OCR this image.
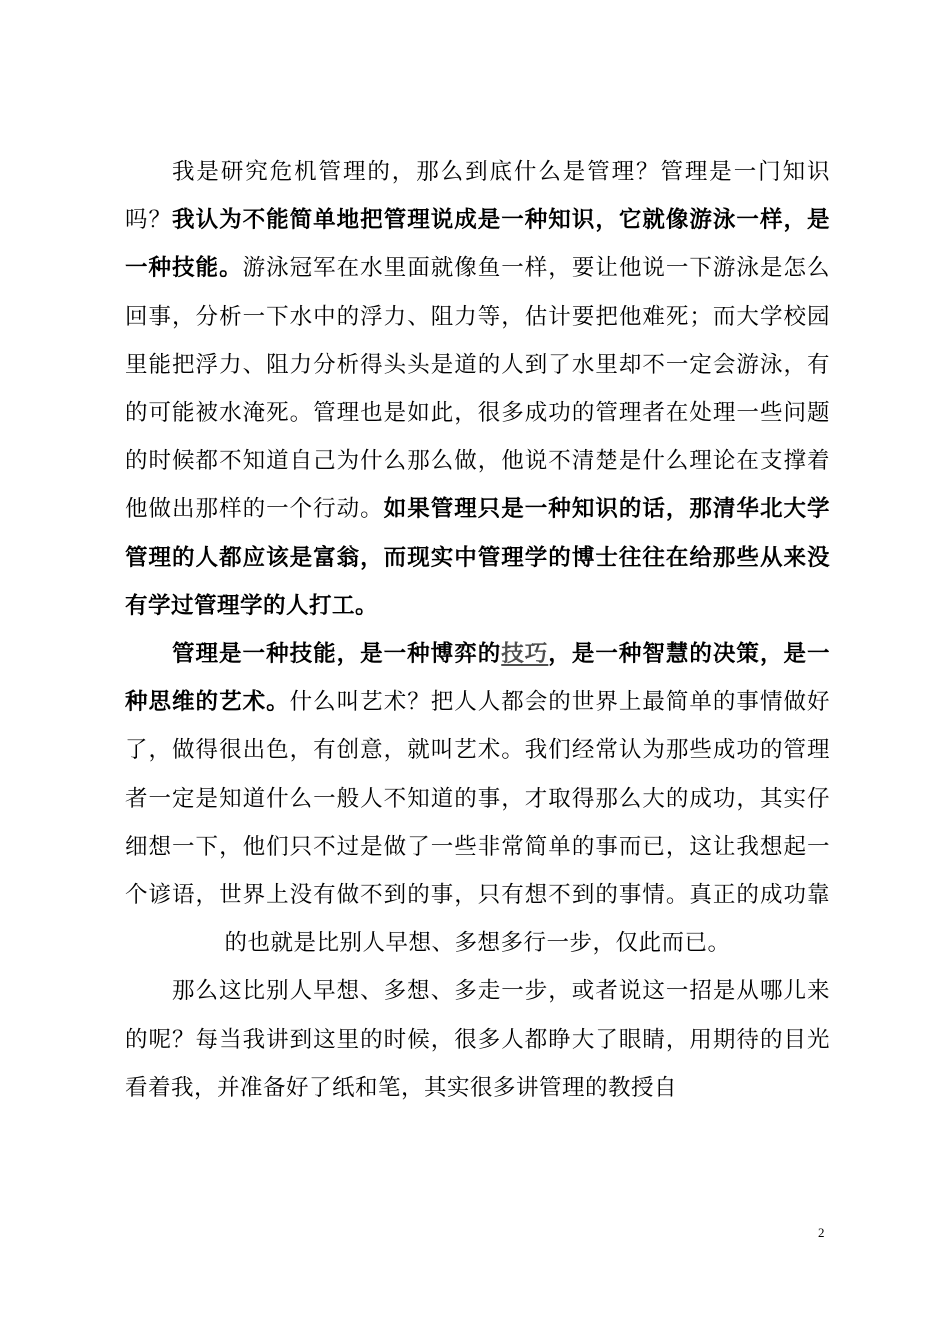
我是研究危机管理的，那么到底什么是管理？管理是一门知识吗？我认为不能简单地把管理说成是一种知识，它就像游泳一样，是一种技能。游泳冠军在水里面就像鱼一样，要让他说一下游泳是怎么回事，分析一下水中的浮力、阻力等，估计要把他难死；而大学校园里能把浮力、阻力分析得头头是道的人到了水里却不一定会游泳，有的可能被水淹死。管理也是如此，很多成功的管理者在处理一些问题的时候都不知道自己为什么那么做，他说不清楚是什么理论在支撑着他做出那样的一个行动。如果管理只是一种知识的话，那清华北大学管理的人都应该是富翁，而现实中管理学的博士往往在给那些从来没有学过管理学的人打工。

管理是一种技能，是一种博弈的技巧，是一种智慧的决策，是一种思维的艺术。什么叫艺术？把人人都会的世界上最简单的事情做好了，做得很出色，有创意，就叫艺术。我们经常认为那些成功的管理者一定是知道什么一般人不知道的事，才取得那么大的成功，其实仔细想一下，他们只不过是做了一些非常简单的事而已，这让我想起一个谚语，世界上没有做不到的事，只有想不到的事情。真正的成功靠的也就是比别人早想、多想多行一步，仅此而已。

那么这比别人早想、多想、多走一步，或者说这一招是从哪儿来的呢？每当我讲到这里的时候，很多人都睁大了眼睛，用期待的目光看着我，并准备好了纸和笔，其实很多讲管理的教授自

2
